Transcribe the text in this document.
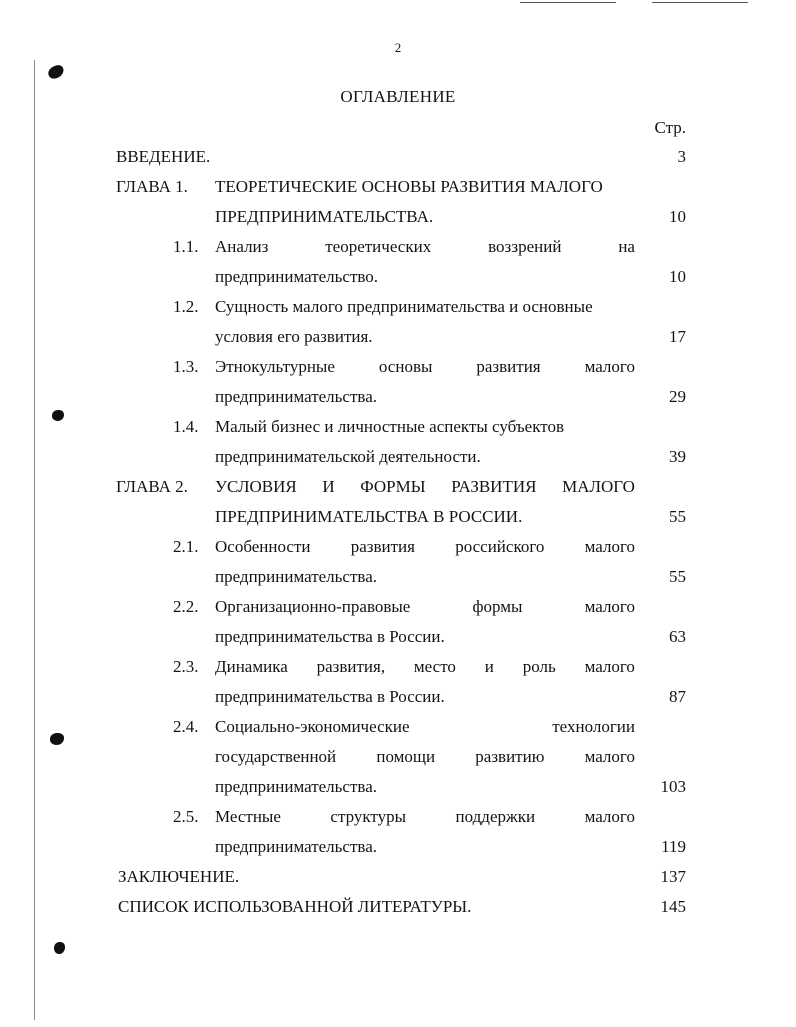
2
ОГЛАВЛЕНИЕ
Стр.
ВВЕДЕНИЕ.	3
ГЛАВА 1. ТЕОРЕТИЧЕСКИЕ ОСНОВЫ РАЗВИТИЯ МАЛОГО
ПРЕДПРИНИМАТЕЛЬСТВА.	10
1.1. Анализ	теоретических	воззрений	на
предпринимательство.	10
1.2. Сущность малого предпринимательства и основные
условия его развития.	17
1.3. Этнокультурные	основы	развития	малого
предпринимательства.	29
1.4. Малый бизнес и личностные аспекты субъектов
предпринимательской деятельности.	39
ГЛАВА 2. УСЛОВИЯ И ФОРМЫ РАЗВИТИЯ МАЛОГО
ПРЕДПРИНИМАТЕЛЬСТВА В РОССИИ.	55
2.1. Особенности развития российского малого
предпринимательства.	55
2.2. Организационно-правовые	формы	малого
предпринимательства в России.	63
2.3. Динамика развития, место и роль малого
предпринимательства в России.	87
2.4. Социально-экономические	технологии
государственной помощи развитию малого
предпринимательства.	103
2.5. Местные	структуры	поддержки	малого
предпринимательства.	119
ЗАКЛЮЧЕНИЕ.	137
СПИСОК ИСПОЛЬЗОВАННОЙ ЛИТЕРАТУРЫ.	145
